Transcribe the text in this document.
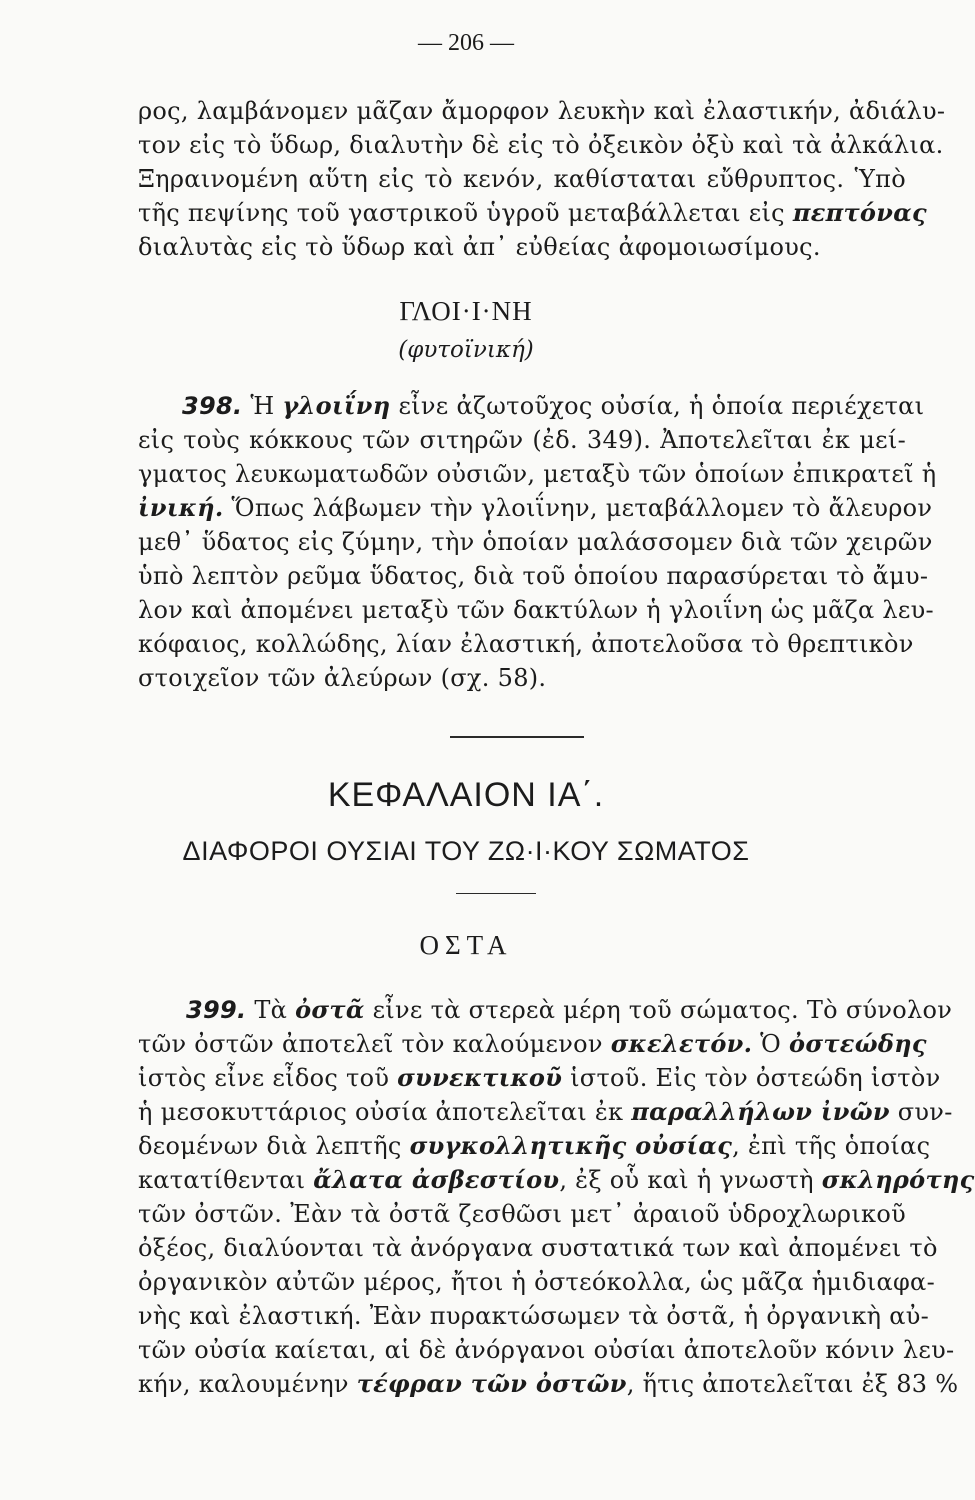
— 206 —
ρος, λαμβάνομεν μᾶζαν ἄμορφον λευκὴν καὶ ἐλαστικήν, ἀδιάλυ-
τον εἰς τὸ ὕδωρ, διαλυτὴν δὲ εἰς τὸ ὀξεικὸν ὀξὺ καὶ τὰ ἀλκάλια.
Ξηραινομένη αὕτη εἰς τὸ κενόν, καθίσταται εὔθρυπτος. Ὑπὸ
τῆς πεψίνης τοῦ γαστρικοῦ ὑγροῦ μεταβάλλεται εἰς πεπτόνας
διαλυτὰς εἰς τὸ ὕδωρ καὶ ἀπ᾽ εὐθείας ἀφομοιωσίμους.
ΓΛΟΙ·Ι·ΝΗ
(φυτοϊνική)
398. Ἡ γλοιΐνη εἶνε ἀζωτοῦχος οὐσία, ἡ ὁποία περιέχεται
εἰς τοὺς κόκκους τῶν σιτηρῶν (ἐδ. 349). Ἀποτελεῖται ἐκ μεί-
γματος λευκωματωδῶν οὐσιῶν, μεταξὺ τῶν ὁποίων ἐπικρατεῖ ἡ
ἰνική. Ὅπως λάβωμεν τὴν γλοιΐνην, μεταβάλλομεν τὸ ἄλευρον
μεθ᾽ ὕδατος εἰς ζύμην, τὴν ὁποίαν μαλάσσομεν διὰ τῶν χειρῶν
ὑπὸ λεπτὸν ρεῦμα ὕδατος, διὰ τοῦ ὁποίου παρασύρεται τὸ ἄμυ-
λον καὶ ἀπομένει μεταξὺ τῶν δακτύλων ἡ γλοιΐνη ὡς μᾶζα λευ-
κόφαιος, κολλώδης, λίαν ἐλαστική, ἀποτελοῦσα τὸ θρεπτικὸν
στοιχεῖον τῶν ἀλεύρων (σχ. 58).
ΚΕΦΑΛΑΙΟΝ ΙΑ΄.
ΔΙΑΦΟΡΟΙ ΟΥΣΙΑΙ ΤΟΥ ΖΩ·Ι·ΚΟΥ ΣΩΜΑΤΟΣ
ΟΣΤΑ
399. Τὰ ὀστᾶ εἶνε τὰ στερεὰ μέρη τοῦ σώματος. Τὸ σύνολον
τῶν ὀστῶν ἀποτελεῖ τὸν καλούμενον σκελετόν. Ὁ ὀστεώδης
ἱστὸς εἶνε εἶδος τοῦ συνεκτικοῦ ἱστοῦ. Εἰς τὸν ὀστεώδη ἱστὸν
ἡ μεσοκυττάριος οὐσία ἀποτελεῖται ἐκ παραλλήλων ἰνῶν συν-
δεομένων διὰ λεπτῆς συγκολλητικῆς οὐσίας, ἐπὶ τῆς ὁποίας
κατατίθενται ἄλατα ἀσβεστίου, ἐξ οὗ καὶ ἡ γνωστὴ σκληρότης
τῶν ὀστῶν. Ἐὰν τὰ ὀστᾶ ζεσθῶσι μετ᾽ ἀραιοῦ ὑδροχλωρικοῦ
ὀξέος, διαλύονται τὰ ἀνόργανα συστατικά των καὶ ἀπομένει τὸ
ὀργανικὸν αὐτῶν μέρος, ἤτοι ἡ ὀστεόκολλα, ὡς μᾶζα ἡμιδιαφα-
νὴς καὶ ἐλαστική. Ἐὰν πυρακτώσωμεν τὰ ὀστᾶ, ἡ ὀργανικὴ αὐ-
τῶν οὐσία καίεται, αἱ δὲ ἀνόργανοι οὐσίαι ἀποτελοῦν κόνιν λευ-
κήν, καλουμένην τέφραν τῶν ὀστῶν, ἥτις ἀποτελεῖται ἐξ 83 %
